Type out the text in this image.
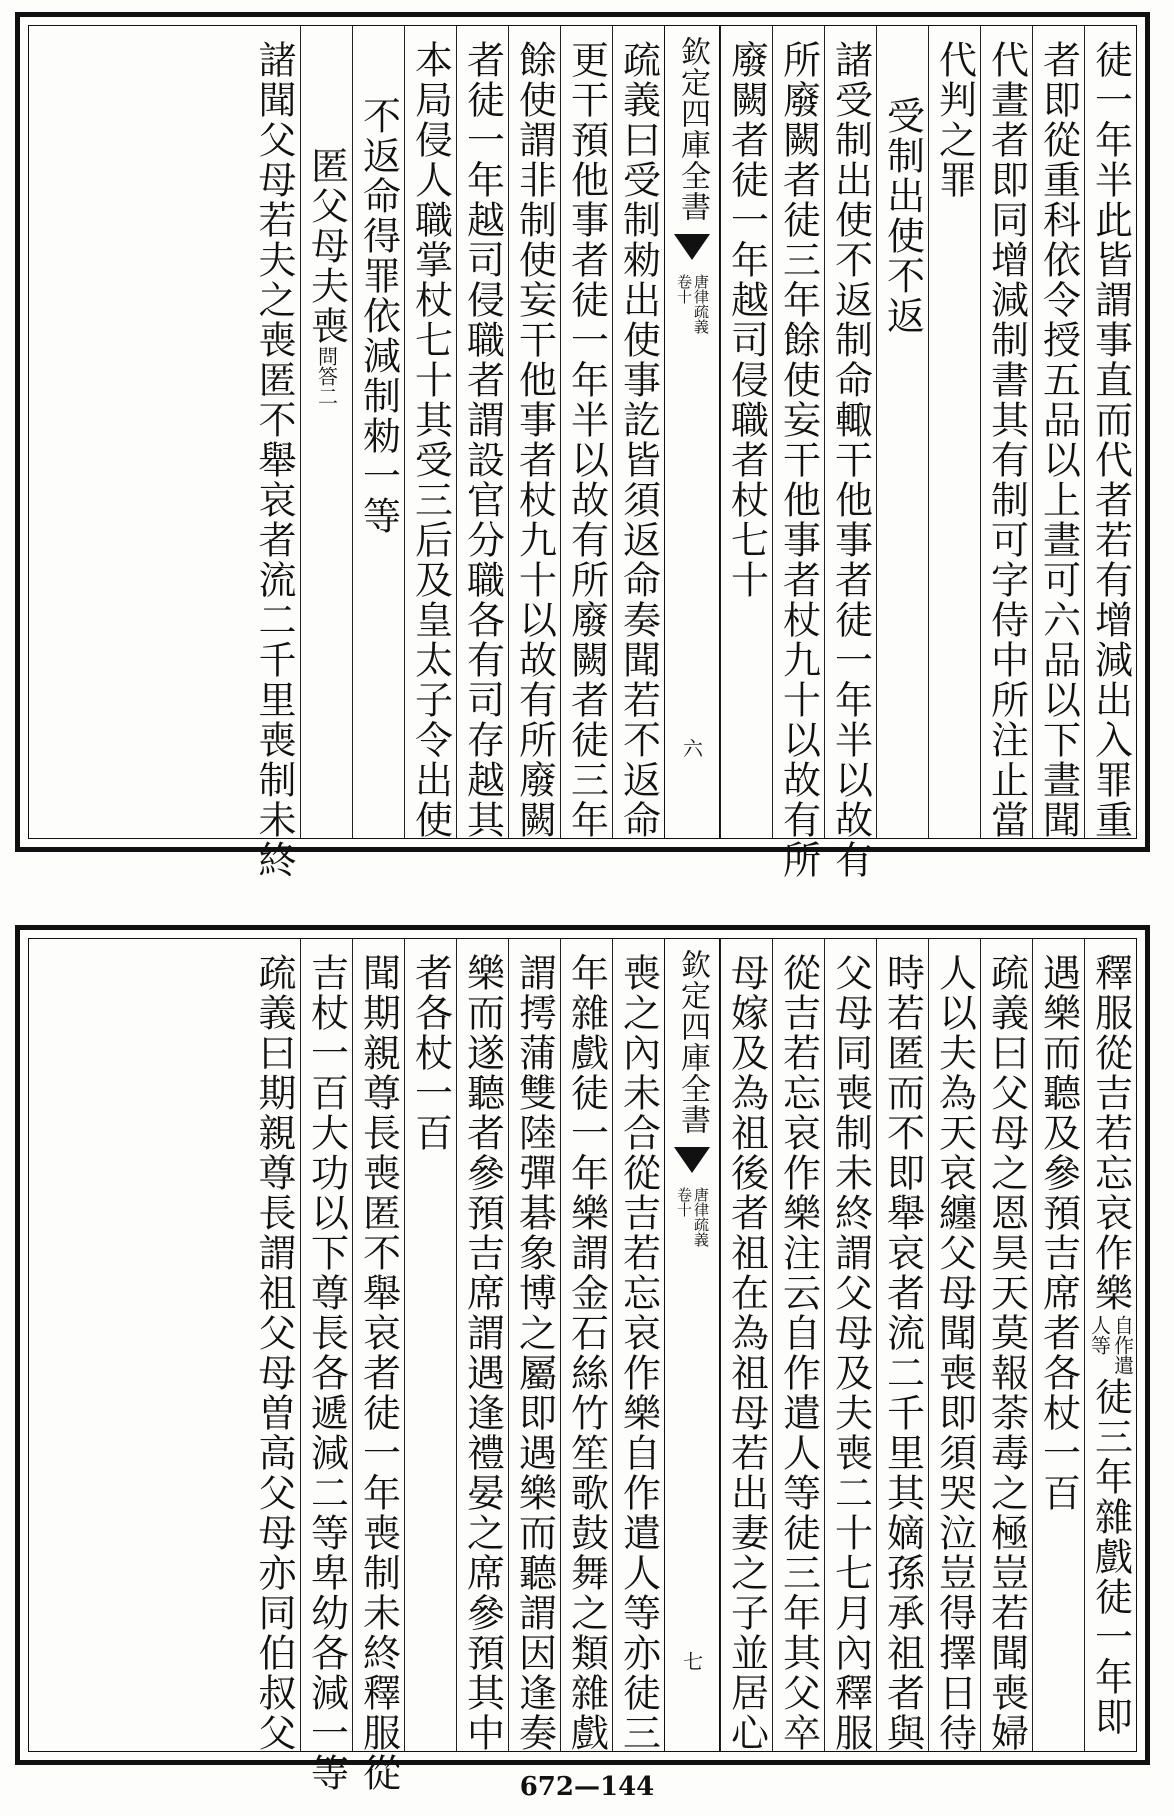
徒一年半此皆謂事直而代者若有增減出入罪重
者即從重科依令授五品以上晝可六品以下晝聞
代晝者即同增減制書其有制可字侍中所注止當
代判之罪
受制出使不返
諸受制出使不返制命輙干他事者徒一年半以故有
所廢闕者徒三年餘使妄干他事者杖九十以故有所
廢闕者徒一年越司侵職者杖七十
欽定四庫全書
唐律疏義
卷十
六
疏義曰受制勑出使事訖皆須返命奏聞若不返命
更干預他事者徒一年半以故有所廢闕者徒三年
餘使謂非制使妄干他事者杖九十以故有所廢闕
者徒一年越司侵職者謂設官分職各有司存越其
本局侵人職掌杖七十其受三后及皇太子令出使
不返命得罪依減制勑一等
匿父母夫喪
問答二
諸聞父母若夫之喪匿不舉哀者流二千里喪制未終
釋服從吉若忘哀作樂
自作遣
人等
徒三年雜戲徒一年即
遇樂而聽及參預吉席者各杖一百
疏義曰父母之恩昊天莫報荼毒之極豈若聞喪婦
人以夫為天哀纏父母聞喪即須哭泣豈得擇日待
時若匿而不即舉哀者流二千里其嫡孫承祖者與
父母同喪制未終謂父母及夫喪二十七月內釋服
從吉若忘哀作樂注云自作遣人等徒三年其父卒
母嫁及為祖後者祖在為祖母若出妻之子並居心
欽定四庫全書
唐律疏義
卷十
七
喪之內未合從吉若忘哀作樂自作遣人等亦徒三
年雜戲徒一年樂謂金石絲竹笙歌鼓舞之類雜戲
謂摴蒲雙陸彈碁象博之屬即遇樂而聽謂因逢奏
樂而遂聽者參預吉席謂遇逢禮晏之席參預其中
者各杖一百
聞期親尊長喪匿不舉哀者徒一年喪制未終釋服從
吉杖一百大功以下尊長各遞減二等卑幼各減一等
疏義曰期親尊長謂祖父母曽高父母亦同伯叔父
672—144
